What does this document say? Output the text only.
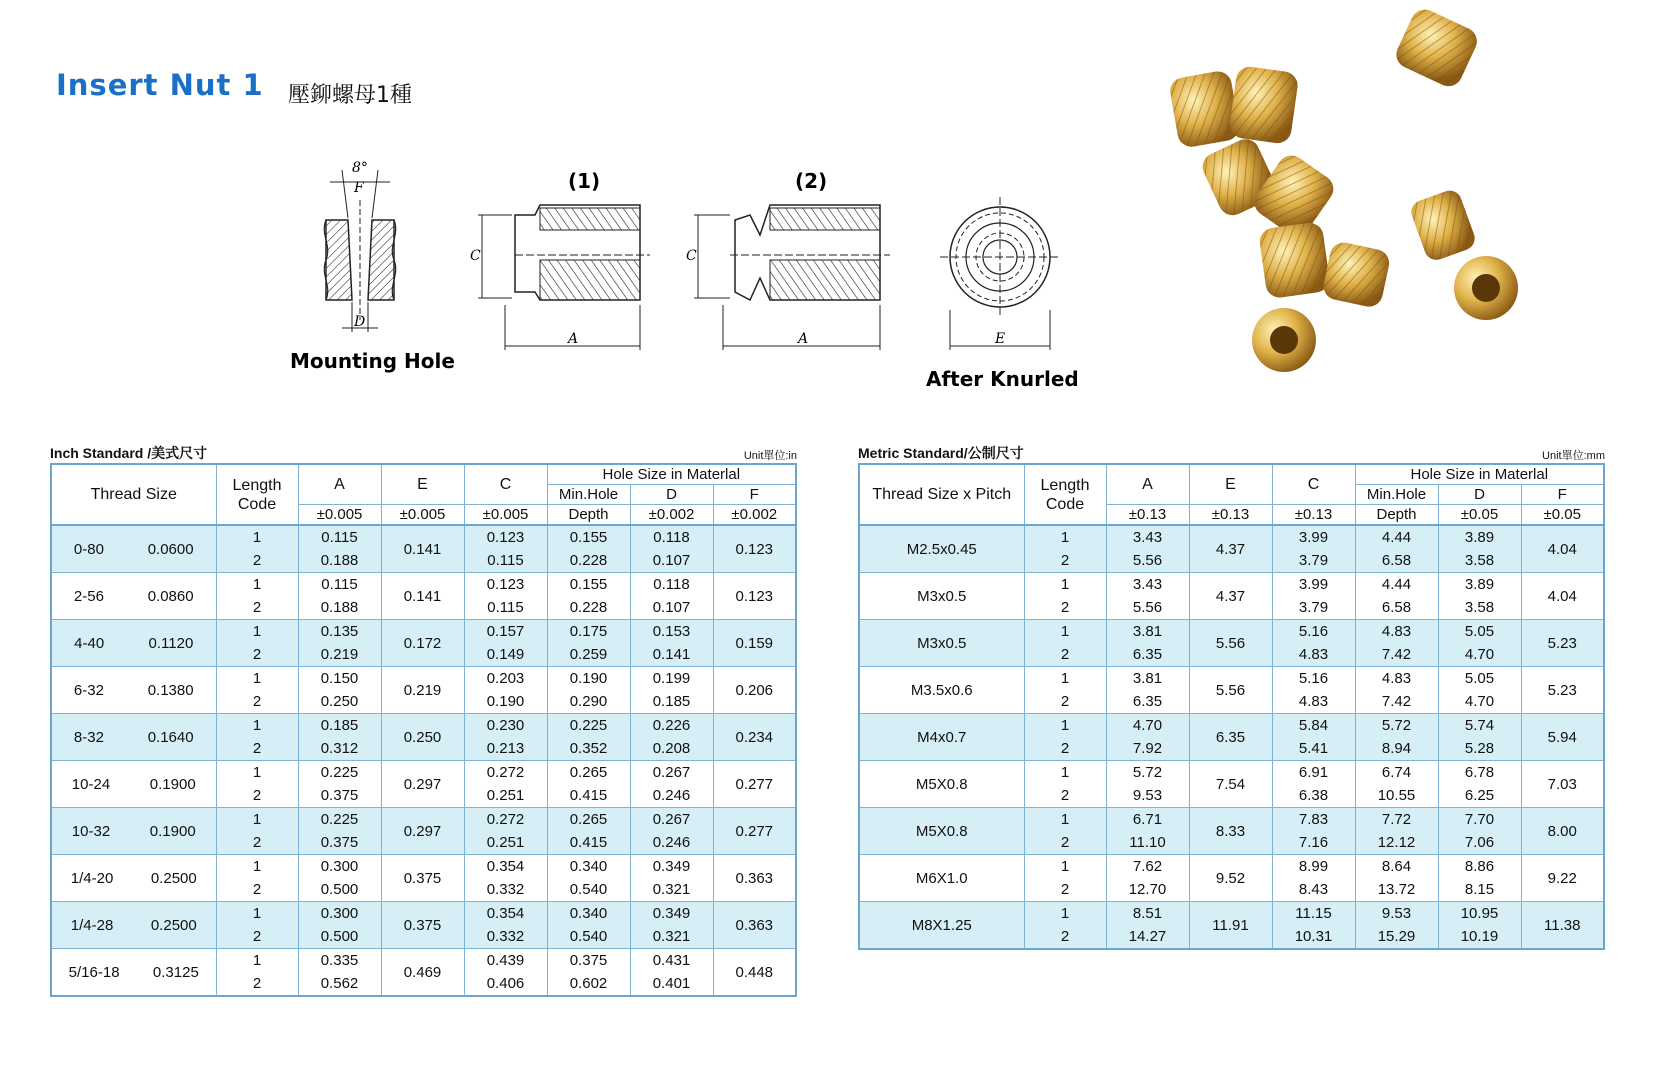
Insert Nut 1 壓鉚螺母1種
8°
F
D
Mounting Hole
(1)
C
A
(2)
C
A	E
After Knurled
Inch Standard /美式尺寸	Unit單位:in
Thread Size	Length
Code	A	E	C	Hole Size in Materlal		
					Min.Hole	D	F
		±0.005	±0.005	±0.005	Depth	±0.002	±0.002

0-80 0.0600	1	0.115	0.141	0.123	0.155	0.118	0.123
	2	0.188		0.115	0.228	0.107	

2-56 0.0860	1	0.115	0.141	0.123	0.155	0.118	0.123
	2	0.188		0.115	0.228	0.107	

4-40 0.1120	1	0.135	0.172	0.157	0.175	0.153	0.159
	2	0.219		0.149	0.259	0.141	

6-32 0.1380	1	0.150	0.219	0.203	0.190	0.199	0.206
	2	0.250		0.190	0.290	0.185	

8-32 0.1640	1	0.185	0.250	0.230	0.225	0.226	0.234
	2	0.312		0.213	0.352	0.208	

10-24 0.1900	1	0.225	0.297	0.272	0.265	0.267	0.277
	2	0.375		0.251	0.415	0.246	

10-32 0.1900	1	0.225	0.297	0.272	0.265	0.267	0.277
	2	0.375		0.251	0.415	0.246	

1/4-20 0.2500	1	0.300	0.375	0.354	0.340	0.349	0.363
	2	0.500		0.332	0.540	0.321	

1/4-28 0.2500	1	0.300	0.375	0.354	0.340	0.349	0.363
	2	0.500		0.332	0.540	0.321	

5/16-18 0.3125	1	0.335	0.469	0.439	0.375	0.431	0.448
	2	0.562		0.406	0.602	0.401	
Metric Standard/公制尺寸	Unit單位:mm
Thread Size x Pitch	Length
Code	A	E	C	Hole Size in Materlal		
					Min.Hole	D	F
		±0.13	±0.13	±0.13	Depth	±0.05	±0.05
M2.5x0.45	1	3.43	4.37	3.99	4.44	3.89	4.04
	2	5.56		3.79	6.58	3.58	
M3x0.5	1	3.43	4.37	3.99	4.44	3.89	4.04
	2	5.56		3.79	6.58	3.58	
M3x0.5	1	3.81	5.56	5.16	4.83	5.05	5.23
	2	6.35		4.83	7.42	4.70	
M3.5x0.6	1	3.81	5.56	5.16	4.83	5.05	5.23
	2	6.35		4.83	7.42	4.70	
M4x0.7	1	4.70	6.35	5.84	5.72	5.74	5.94
	2	7.92		5.41	8.94	5.28	
M5X0.8	1	5.72	7.54	6.91	6.74	6.78	7.03
	2	9.53		6.38	10.55	6.25	
M5X0.8	1	6.71	8.33	7.83	7.72	7.70	8.00
	2	11.10		7.16	12.12	7.06	
M6X1.0	1	7.62	9.52	8.99	8.64	8.86	9.22
	2	12.70		8.43	13.72	8.15	
M8X1.25	1	8.51	11.91	11.15	9.53	10.95	11.38
	2	14.27		10.31	15.29	10.19	
